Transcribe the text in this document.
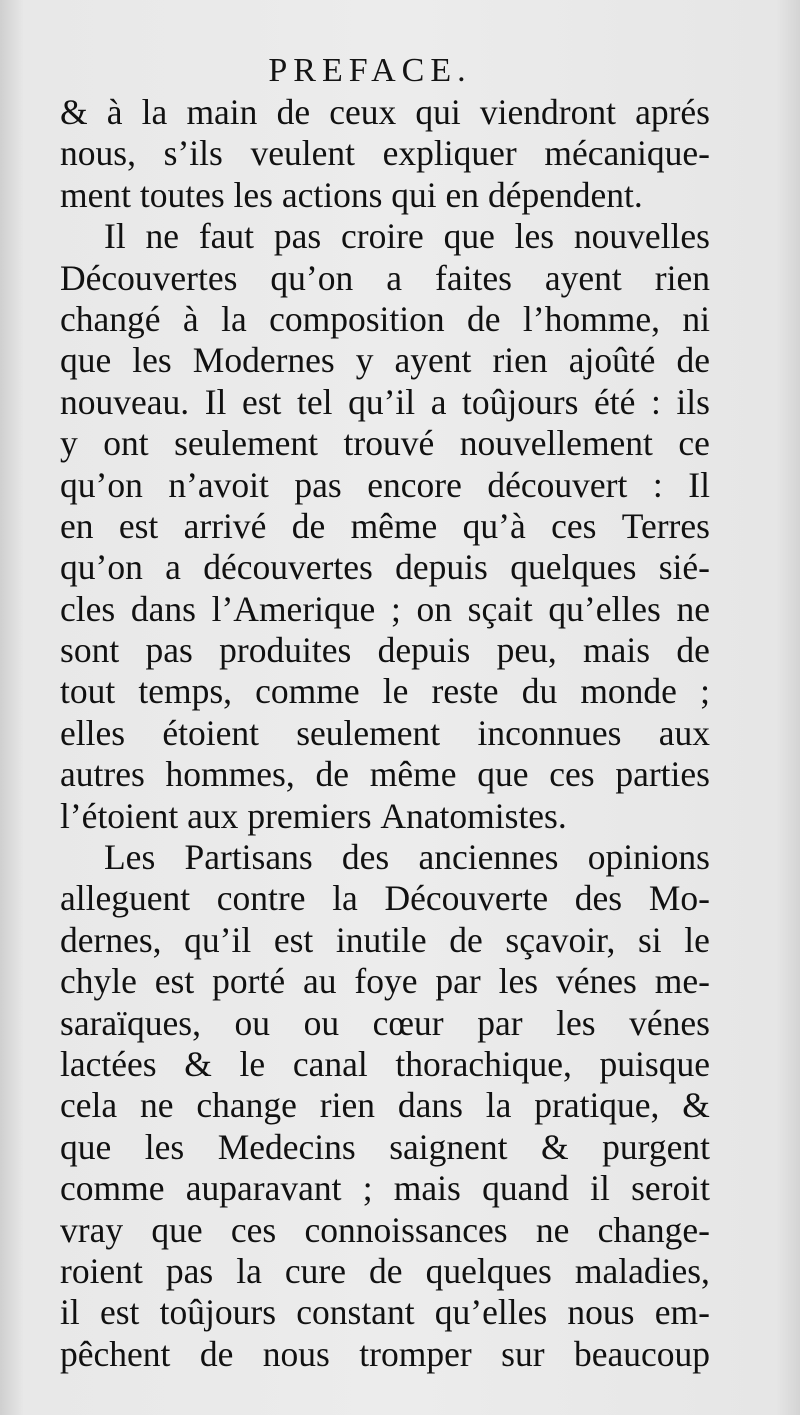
PREFACE.
& à la main de ceux qui viendront aprés
nous, s’ils veulent expliquer mécanique-
ment toutes les actions qui en dépendent.
Il ne faut pas croire que les nouvelles
Découvertes qu’on a faites ayent rien
changé à la composition de l’homme, ni
que les Modernes y ayent rien ajoûté de
nouveau. Il est tel qu’il a toûjours été : ils
y ont seulement trouvé nouvellement ce
qu’on n’avoit pas encore découvert : Il
en est arrivé de même qu’à ces Terres
qu’on a découvertes depuis quelques sié-
cles dans l’Amerique ; on sçait qu’elles ne
sont pas produites depuis peu, mais de
tout temps, comme le reste du monde ;
elles étoient seulement inconnues aux
autres hommes, de même que ces parties
l’étoient aux premiers Anatomistes.
Les Partisans des anciennes opinions
alleguent contre la Découverte des Mo-
dernes, qu’il est inutile de sçavoir, si le
chyle est porté au foye par les vénes me-
saraïques, ou ou cœur par les vénes
lactées & le canal thorachique, puisque
cela ne change rien dans la pratique, &
que les Medecins saignent & purgent
comme auparavant ; mais quand il seroit
vray que ces connoissances ne change-
roient pas la cure de quelques maladies,
il est toûjours constant qu’elles nous em-
pêchent de nous tromper sur beaucoup
